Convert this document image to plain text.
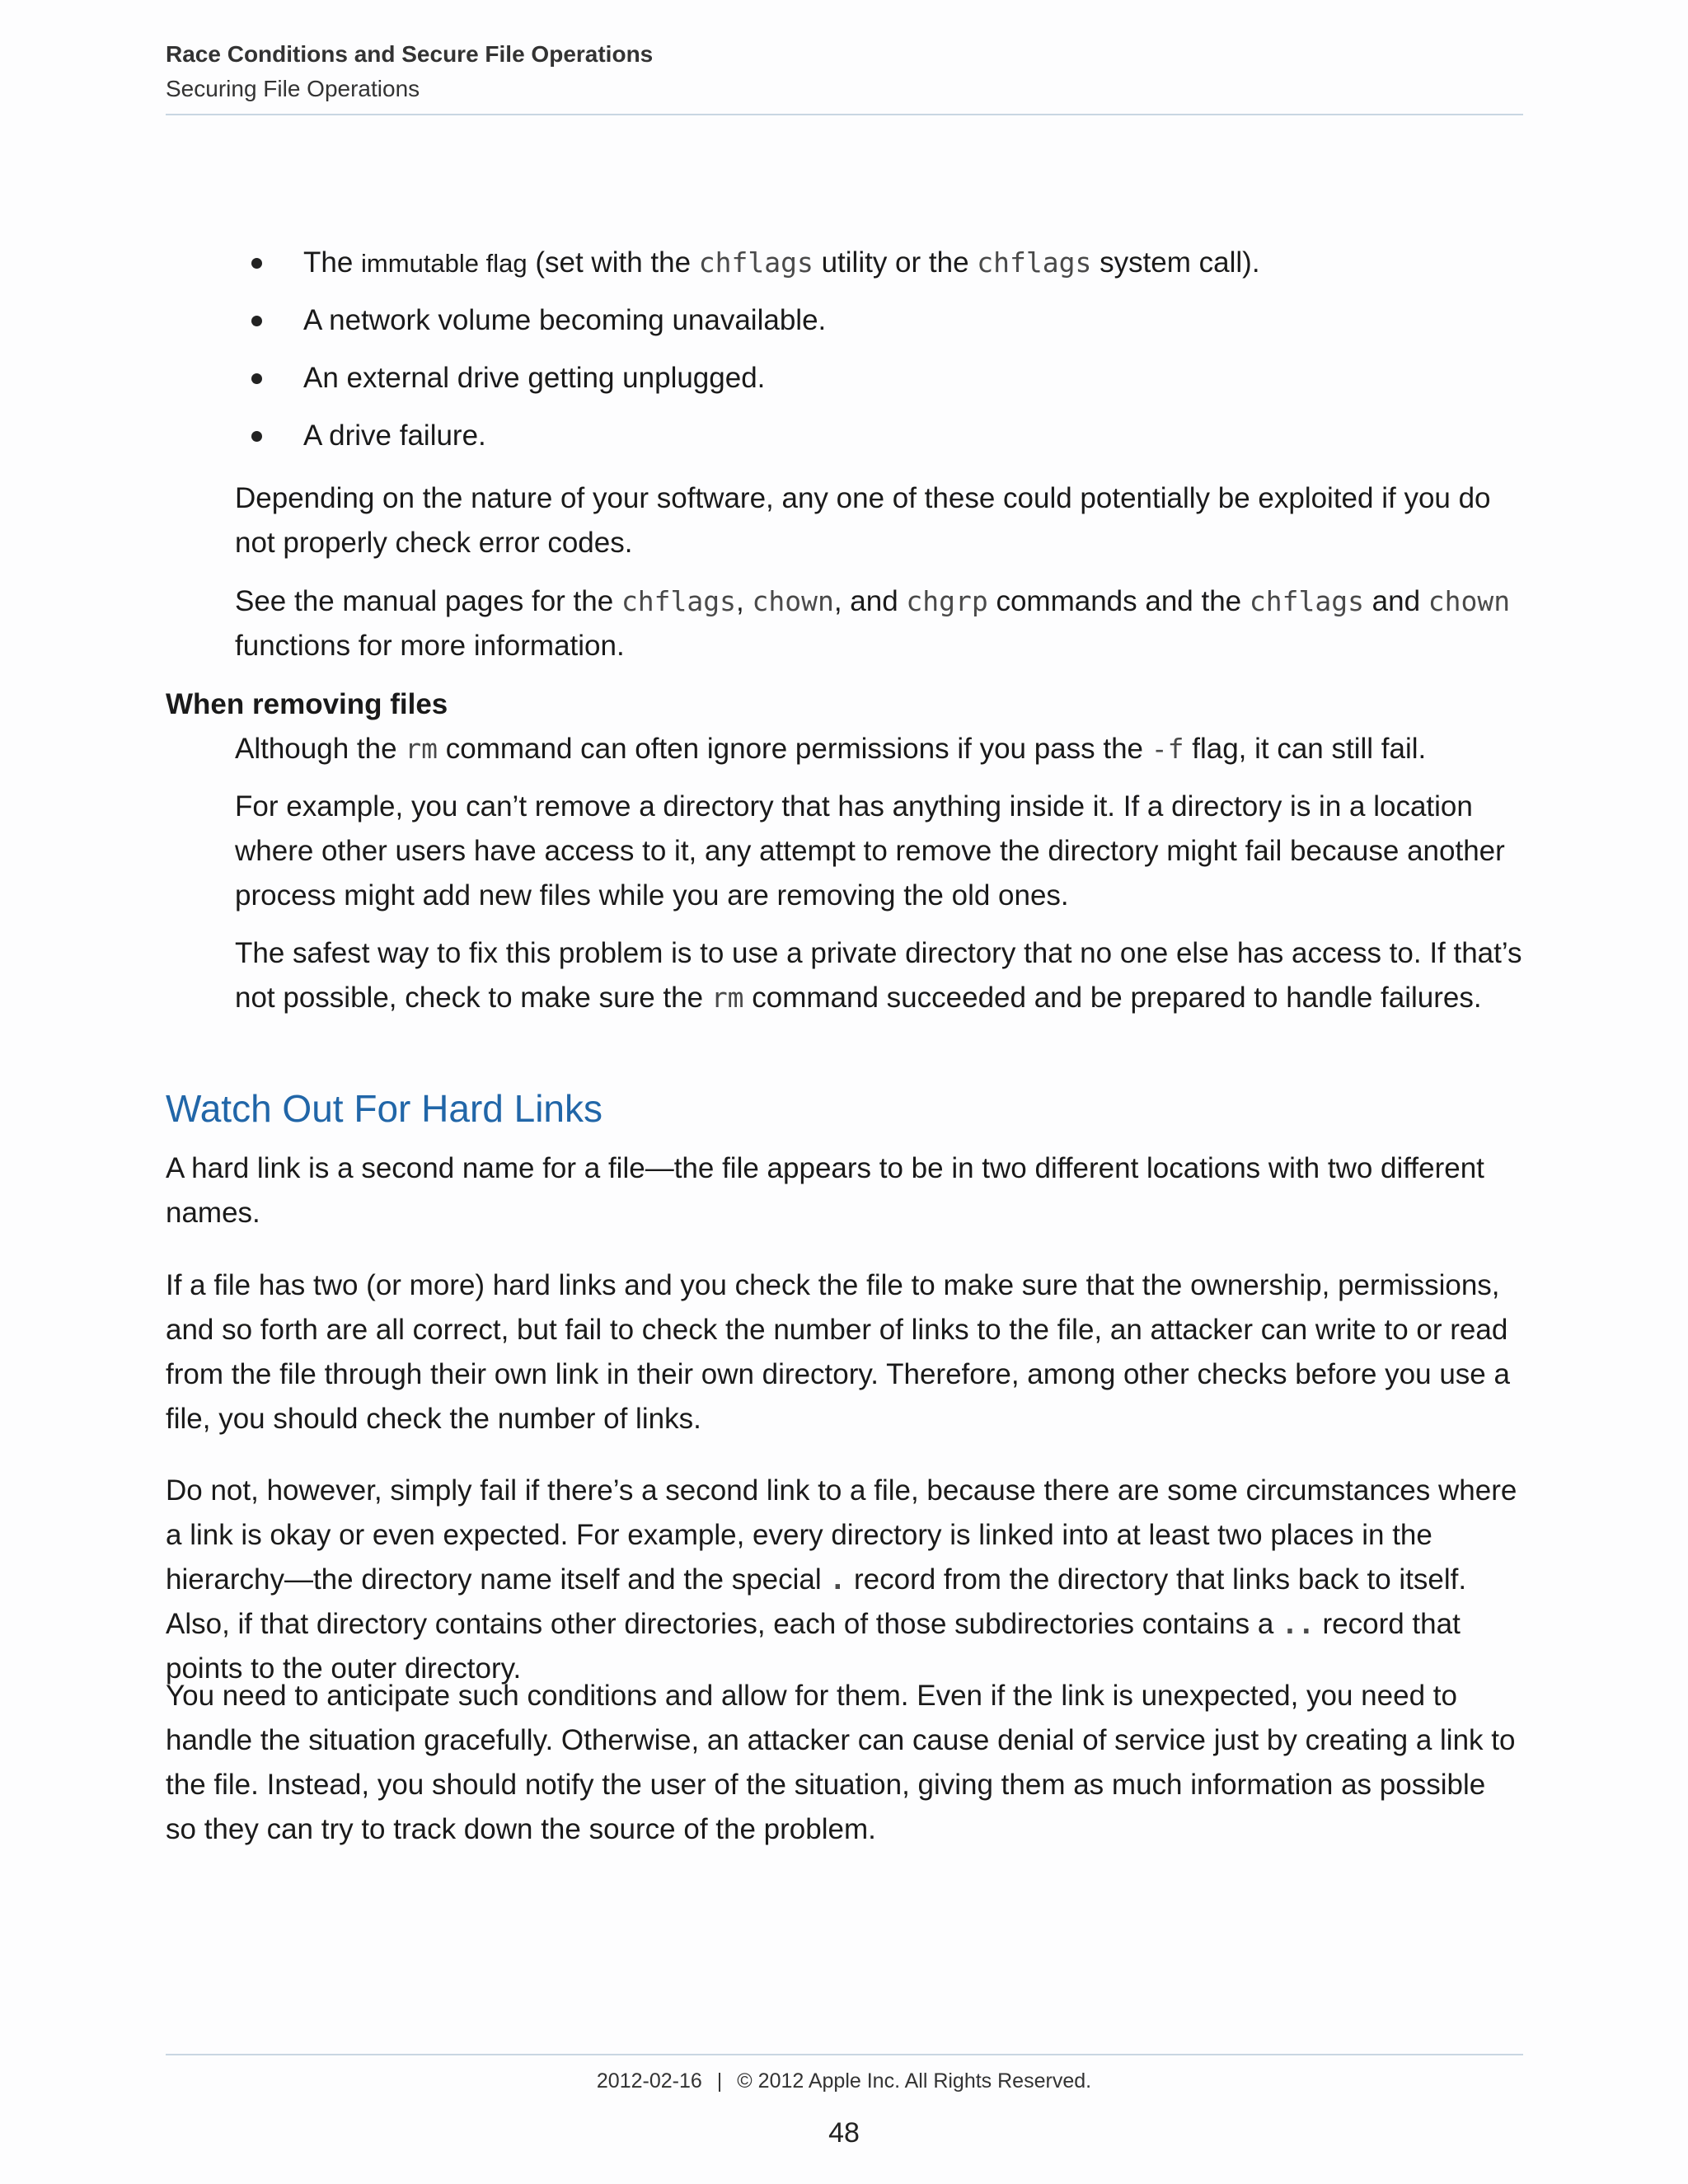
Race Conditions and Secure File Operations
Securing File Operations
The immutable flag (set with the chflags utility or the chflags system call).
A network volume becoming unavailable.
An external drive getting unplugged.
A drive failure.

Depending on the nature of your software, any one of these could potentially be exploited if you do not properly check error codes.

See the manual pages for the chflags, chown, and chgrp commands and the chflags and chown functions for more information.

When removing files

Although the rm command can often ignore permissions if you pass the -f flag, it can still fail.

For example, you can’t remove a directory that has anything inside it. If a directory is in a location where other users have access to it, any attempt to remove the directory might fail because another process might add new files while you are removing the old ones.

The safest way to fix this problem is to use a private directory that no one else has access to. If that’s not possible, check to make sure the rm command succeeded and be prepared to handle failures.

Watch Out For Hard Links

A hard link is a second name for a file—the file appears to be in two different locations with two different names.

If a file has two (or more) hard links and you check the file to make sure that the ownership, permissions, and so forth are all correct, but fail to check the number of links to the file, an attacker can write to or read from the file through their own link in their own directory. Therefore, among other checks before you use a file, you should check the number of links.

Do not, however, simply fail if there’s a second link to a file, because there are some circumstances where a link is okay or even expected. For example, every directory is linked into at least two places in the hierarchy—the directory name itself and the special . record from the directory that links back to itself. Also, if that directory contains other directories, each of those subdirectories contains a .. record that points to the outer directory.

You need to anticipate such conditions and allow for them. Even if the link is unexpected, you need to handle the situation gracefully. Otherwise, an attacker can cause denial of service just by creating a link to the file. Instead, you should notify the user of the situation, giving them as much information as possible so they can try to track down the source of the problem.

2012-02-16 | © 2012 Apple Inc. All Rights Reserved.
48
